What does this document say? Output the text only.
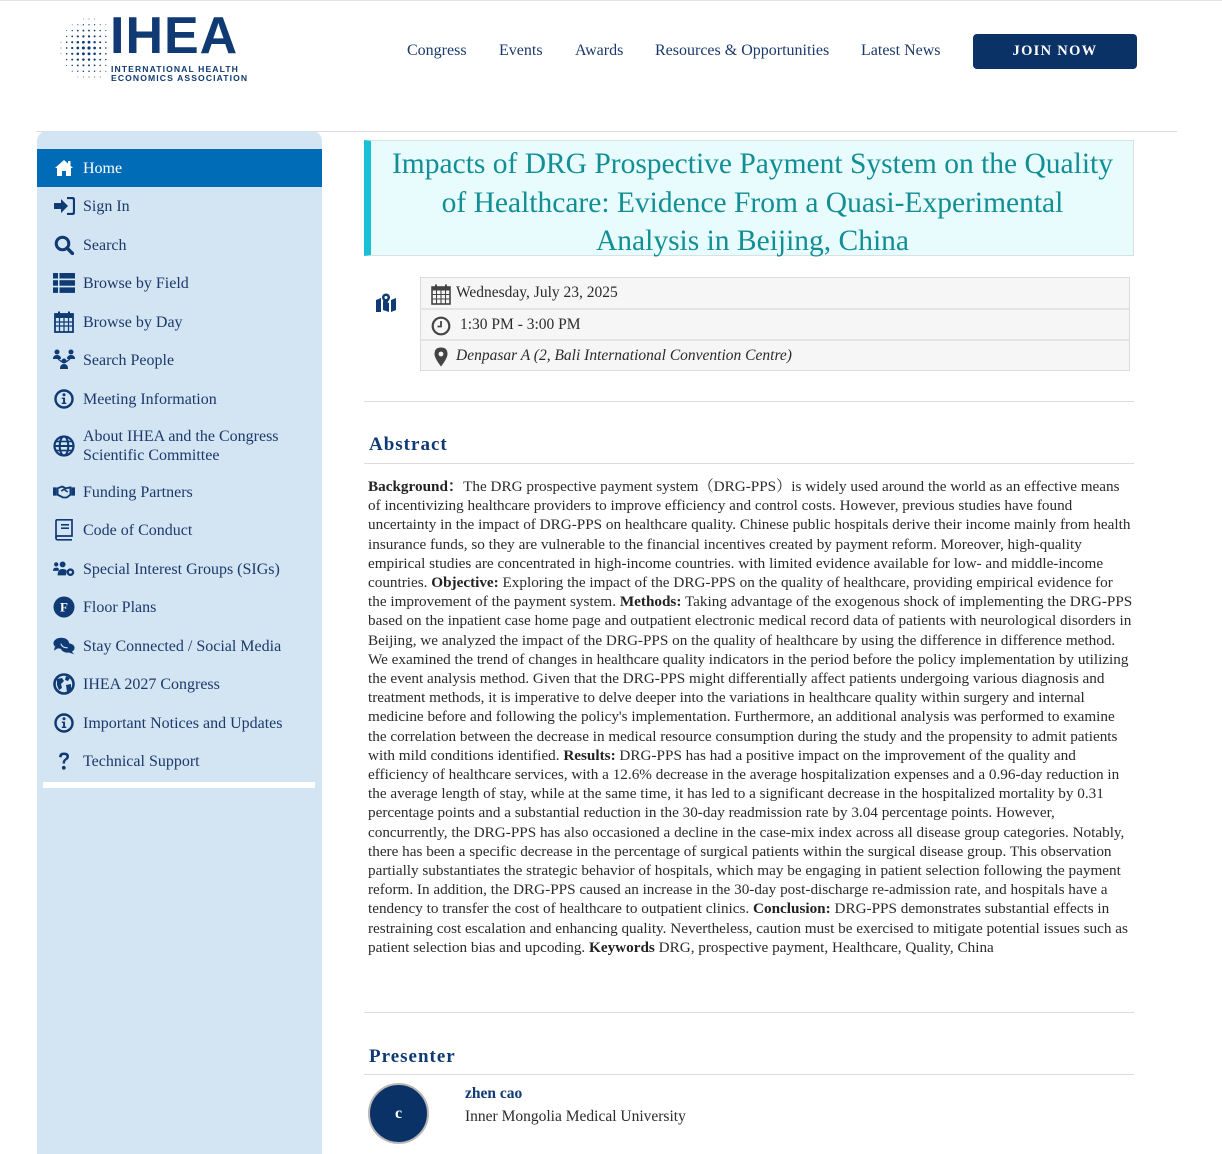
IHEA
INTERNATIONAL HEALTH
ECONOMICS ASSOCIATION
Congress Events Awards Resources & Opportunities Latest News	JOIN NOW
Home
Sign In
Search
Browse by Field
Browse by Day
Search People
Meeting Information
About IHEA and the Congress
Scientific Committee
Funding Partners
Code of Conduct
Special Interest Groups (SIGs)
F Floor Plans
Stay Connected / Social Media
IHEA 2027 Congress
Important Notices and Updates
Technical Support
Impacts of DRG Prospective Payment System on the Quality of Healthcare: Evidence From a Quasi-Experimental Analysis in Beijing, China
Wednesday, July 23, 2025
1:30 PM - 3:00 PM
Denpasar A (2, Bali International Convention Centre)
Abstract
Background：The DRG prospective payment system（DRG-PPS）is widely used around the world as an effective means of incentivizing healthcare providers to improve efficiency and control costs. However, previous studies have found uncertainty in the impact of DRG-PPS on healthcare quality. Chinese public hospitals derive their income mainly from health insurance funds, so they are vulnerable to the financial incentives created by payment reform. Moreover, high-quality empirical studies are concentrated in high-income countries. with limited evidence available for low- and middle-income countries. Objective: Exploring the impact of the DRG-PPS on the quality of healthcare, providing empirical evidence for the improvement of the payment system. Methods: Taking advantage of the exogenous shock of implementing the DRG-PPS based on the inpatient case home page and outpatient electronic medical record data of patients with neurological disorders in Beijing, we analyzed the impact of the DRG-PPS on the quality of healthcare by using the difference in difference method. We examined the trend of changes in healthcare quality indicators in the period before the policy implementation by utilizing the event analysis method. Given that the DRG-PPS might differentially affect patients undergoing various diagnosis and treatment methods, it is imperative to delve deeper into the variations in healthcare quality within surgery and internal medicine before and following the policy's implementation. Furthermore, an additional analysis was performed to examine the correlation between the decrease in medical resource consumption during the study and the propensity to admit patients with mild conditions identified. Results: DRG-PPS has had a positive impact on the improvement of the quality and efficiency of healthcare services, with a 12.6% decrease in the average hospitalization expenses and a 0.96-day reduction in the average length of stay, while at the same time, it has led to a significant decrease in the hospitalized mortality by 0.31 percentage points and a substantial reduction in the 30-day readmission rate by 3.04 percentage points. However, concurrently, the DRG-PPS has also occasioned a decline in the case-mix index across all disease group categories. Notably, there has been a specific decrease in the percentage of surgical patients within the surgical disease group. This observation partially substantiates the strategic behavior of hospitals, which may be engaging in patient selection following the payment reform. In addition, the DRG-PPS caused an increase in the 30-day post-discharge re-admission rate, and hospitals have a tendency to transfer the cost of healthcare to outpatient clinics. Conclusion: DRG-PPS demonstrates substantial effects in restraining cost escalation and enhancing quality. Nevertheless, caution must be exercised to mitigate potential issues such as patient selection bias and upcoding. Keywords DRG, prospective payment, Healthcare, Quality, China
Presenter
c
zhen cao
Inner Mongolia Medical University
